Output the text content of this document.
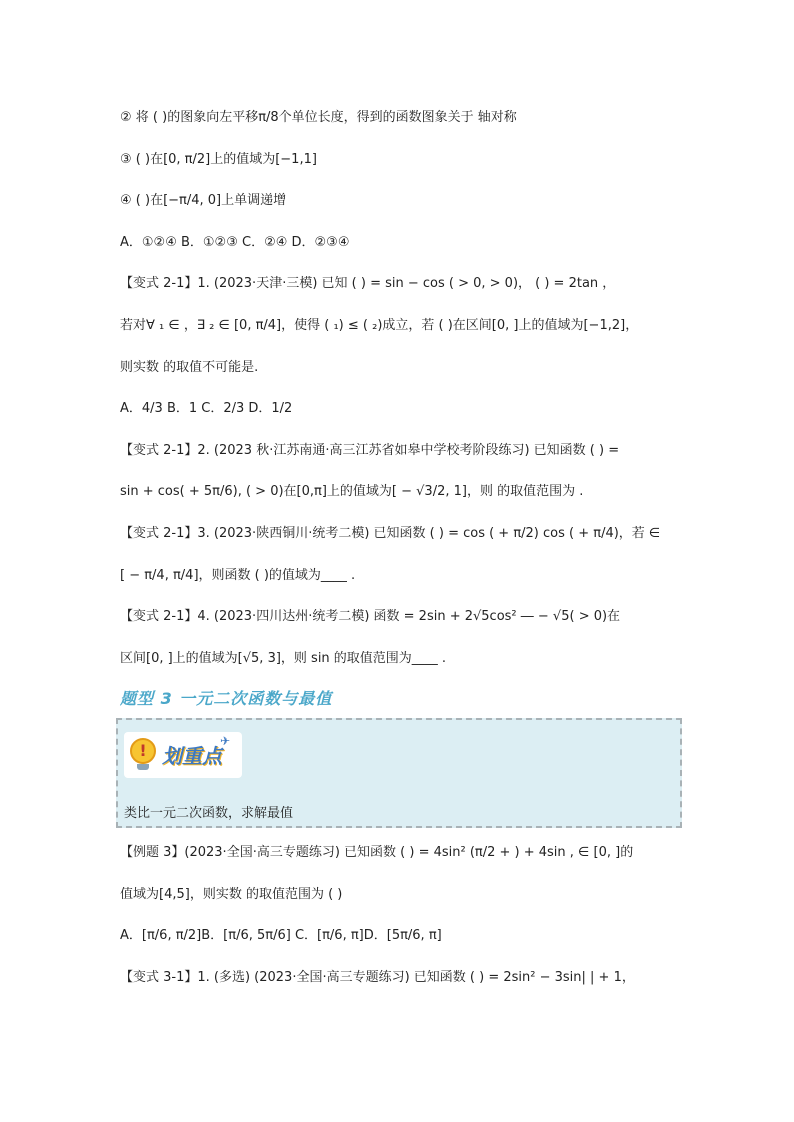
② 将 ( )的图象向左平移π/8个单位长度，得到的函数图象关于 轴对称
③ ( )在[0, π/2]上的值域为[−1,1]
④ ( )在[−π/4, 0]上单调递增
A．①②④ B．①②③ C．②④ D．②③④
【变式 2-1】1. (2023·天津·三模) 已知 ( ) = sin − cos ( > 0, > 0)， ( ) = 2tan ，
若对∀ ₁ ∈ ，∃ ₂ ∈ [0, π/4]，使得 ( ₁) ≤ ( ₂)成立，若 ( )在区间[0, ]上的值域为[−1,2]，
则实数 的取值不可能是.
A．4/3 B．1 C．2/3 D．1/2
【变式 2-1】2. (2023 秋·江苏南通·高三江苏省如皋中学校考阶段练习) 已知函数 ( ) =
sin + cos( + 5π/6), ( > 0)在[0,π]上的值域为[ − √3/2, 1]，则 的取值范围为 .
【变式 2-1】3. (2023·陕西铜川·统考二模) 已知函数 ( ) = cos ( + π/2) cos ( + π/4)，若 ∈
[ − π/4, π/4]，则函数 ( )的值域为____ .
【变式 2-1】4. (2023·四川达州·统考二模) 函数 = 2sin + 2√5cos² ― − √5( > 0)在
区间[0, ]上的值域为[√5, 3]，则 sin 的取值范围为____ .
【例题 3】(2023·全国·高三专题练习) 已知函数 ( ) = 4sin² (π/2 + ) + 4sin , ∈ [0, ]的
值域为[4,5]，则实数 的取值范围为 ( )
A．[π/6, π/2]B．[π/6, 5π/6] C．[π/6, π]D．[5π/6, π]
【变式 3-1】1. (多选) (2023·全国·高三专题练习) 已知函数 ( ) = 2sin² − 3sin| | + 1，
题型 3 一元二次函数与最值
! 划重点
✈
类比一元二次函数，求解最值
